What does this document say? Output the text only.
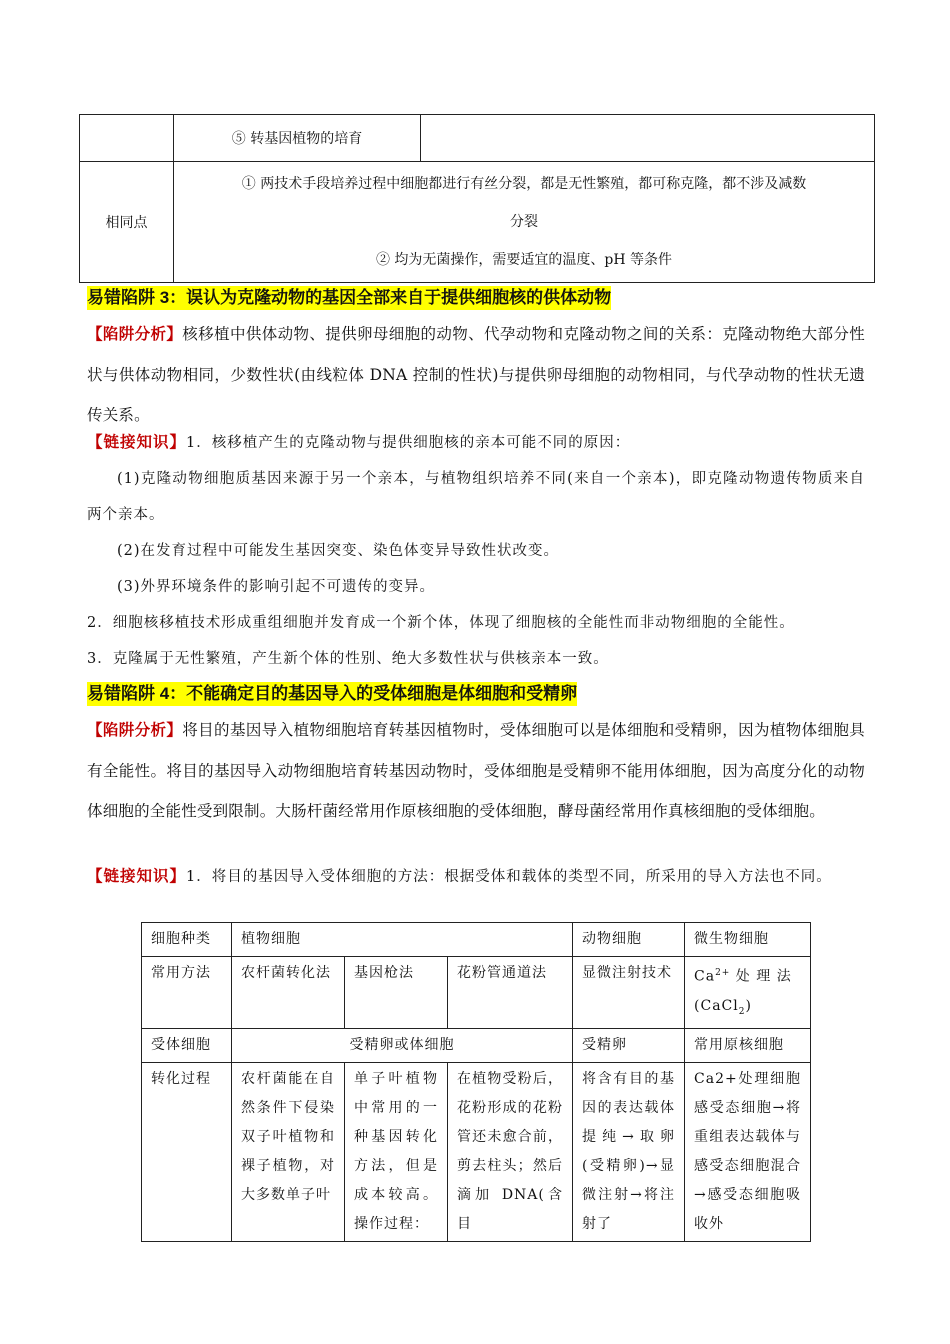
	⑤ 转基因植物的培育	
相同点	① 两技术手段培养过程中细胞都进行有丝分裂，都是无性繁殖，都可称克隆，都不涉及减数
分裂
② 均为无菌操作，需要适宜的温度、pH 等条件	
易错陷阱 3：误认为克隆动物的基因全部来自于提供细胞核的供体动物
【陷阱分析】核移植中供体动物、提供卵母细胞的动物、代孕动物和克隆动物之间的关系：克隆动物绝大部分性状与供体动物相同，少数性状(由线粒体 DNA 控制的性状)与提供卵母细胞的动物相同，与代孕动物的性状无遗传关系。
【链接知识】1．核移植产生的克隆动物与提供细胞核的亲本可能不同的原因：
(1)克隆动物细胞质基因来源于另一个亲本，与植物组织培养不同(来自一个亲本)，即克隆动物遗传物质来自两个亲本。
(2)在发育过程中可能发生基因突变、染色体变异导致性状改变。
(3)外界环境条件的影响引起不可遗传的变异。
2．细胞核移植技术形成重组细胞并发育成一个新个体，体现了细胞核的全能性而非动物细胞的全能性。
3．克隆属于无性繁殖，产生新个体的性别、绝大多数性状与供核亲本一致。
易错陷阱 4：不能确定目的基因导入的受体细胞是体细胞和受精卵
【陷阱分析】将目的基因导入植物细胞培育转基因植物时，受体细胞可以是体细胞和受精卵，因为植物体细胞具有全能性。将目的基因导入动物细胞培育转基因动物时，受体细胞是受精卵不能用体细胞，因为高度分化的动物体细胞的全能性受到限制。大肠杆菌经常用作原核细胞的受体细胞，酵母菌经常用作真核细胞的受体细胞。
【链接知识】1．将目的基因导入受体细胞的方法：根据受体和载体的类型不同，所采用的导入方法也不同。
细胞种类	植物细胞			动物细胞	微生物细胞
常用方法	农杆菌转化法	基因枪法	花粉管通道法	显微注射技术	$Ca^{2+}$ 处 理 法
(CaCl$_2$)
受体细胞	受精卵或体细胞			受精卵	常用原核细胞
转化过程	农杆菌能在自然条件下侵染双子叶植物和裸子植物，对大多数单子叶	单子叶植物中常用的一种基因转化方法，但是成本较高。操作过程：	在植物受粉后，花粉形成的花粉管还未愈合前，剪去柱头；然后滴加 DNA(含目	将含有目的基因的表达载体提纯→取卵(受精卵)→显微注射→将注射了	Ca2+处理细胞感受态细胞→将重组表达载体与感受态细胞混合→感受态细胞吸收外
